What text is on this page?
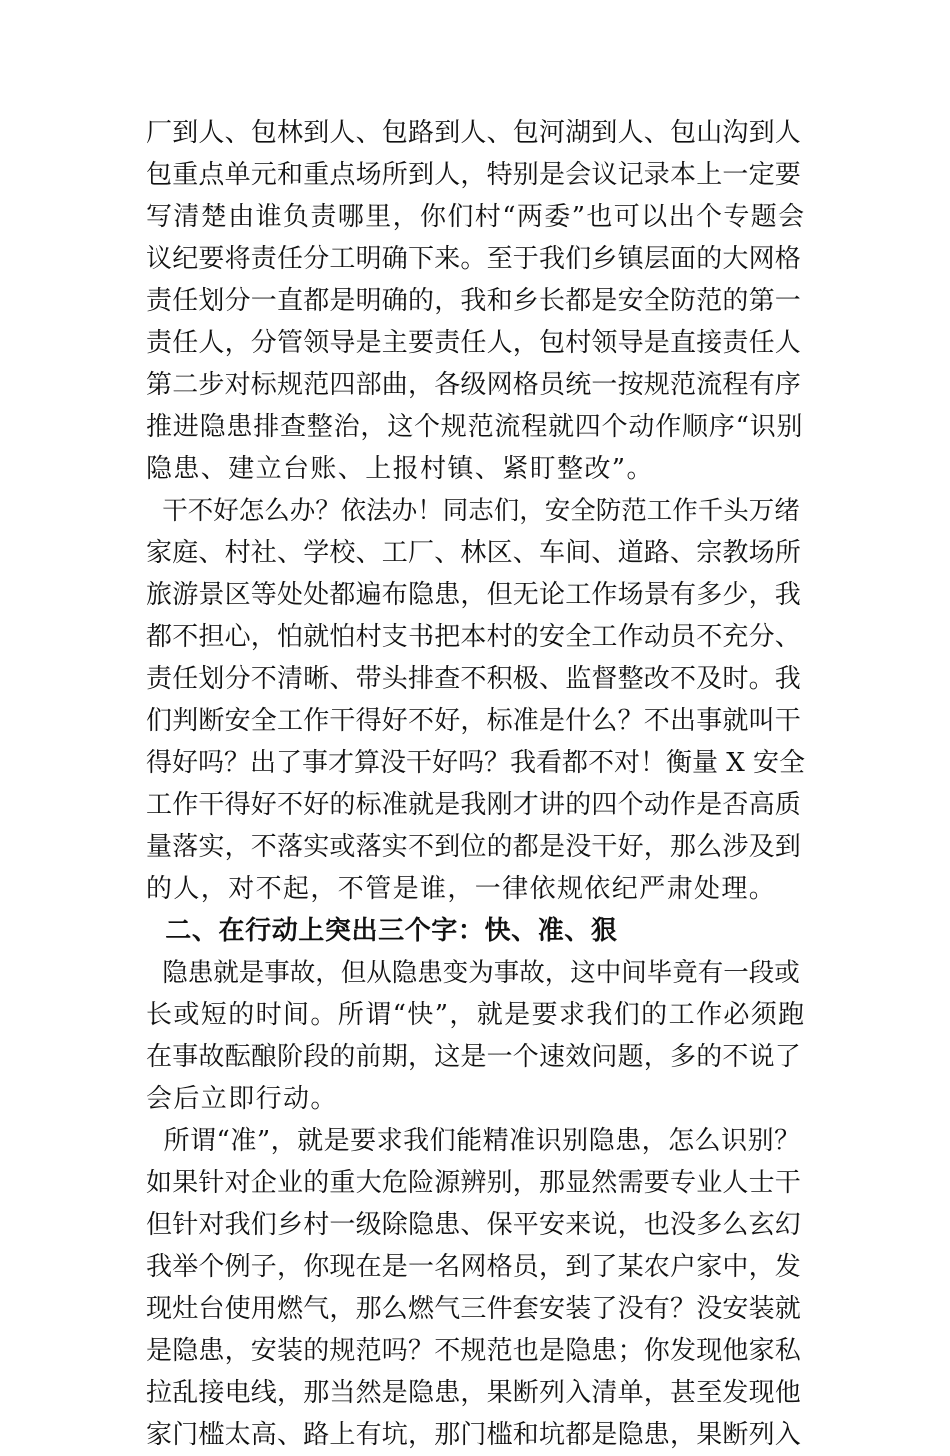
厂到人、包林到人、包路到人、包河湖到人、包山沟到人
包重点单元和重点场所到人，特别是会议记录本上一定要
写清楚由谁负责哪里，你们村“两委”也可以出个专题会
议纪要将责任分工明确下来。至于我们乡镇层面的大网格
责任划分一直都是明确的，我和乡长都是安全防范的第一
责任人，分管领导是主要责任人，包村领导是直接责任人
第二步对标规范四部曲，各级网格员统一按规范流程有序
推进隐患排查整治，这个规范流程就四个动作顺序“识别
隐患、建立台账、上报村镇、紧盯整改”。
干不好怎么办？依法办！同志们，安全防范工作千头万绪
家庭、村社、学校、工厂、林区、车间、道路、宗教场所
旅游景区等处处都遍布隐患，但无论工作场景有多少，我
都不担心，怕就怕村支书把本村的安全工作动员不充分、
责任划分不清晰、带头排查不积极、监督整改不及时。我
们判断安全工作干得好不好，标准是什么？不出事就叫干
得好吗？出了事才算没干好吗？我看都不对！衡量 X 安全
工作干得好不好的标准就是我刚才讲的四个动作是否高质
量落实，不落实或落实不到位的都是没干好，那么涉及到
的人，对不起，不管是谁，一律依规依纪严肃处理。
二、在行动上突出三个字：快、准、狠
隐患就是事故，但从隐患变为事故，这中间毕竟有一段或
长或短的时间。所谓“快”，就是要求我们的工作必须跑
在事故酝酿阶段的前期，这是一个速效问题，多的不说了
会后立即行动。
所谓“准”，就是要求我们能精准识别隐患，怎么识别？
如果针对企业的重大危险源辨别，那显然需要专业人士干
但针对我们乡村一级除隐患、保平安来说，也没多么玄幻
我举个例子，你现在是一名网格员，到了某农户家中，发
现灶台使用燃气，那么燃气三件套安装了没有？没安装就
是隐患，安装的规范吗？不规范也是隐患；你发现他家私
拉乱接电线，那当然是隐患，果断列入清单，甚至发现他
家门槛太高、路上有坑，那门槛和坑都是隐患，果断列入
